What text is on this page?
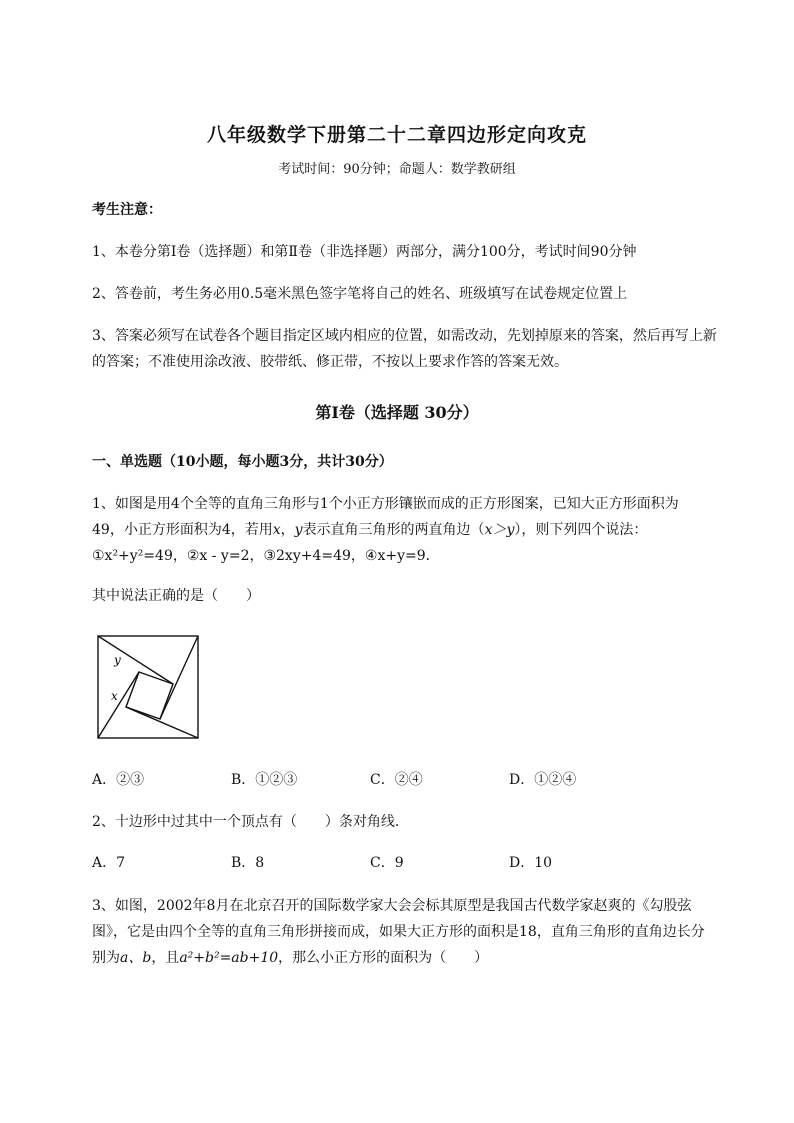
八年级数学下册第二十二章四边形定向攻克
考试时间：90分钟；命题人：数学教研组
考生注意：
1、本卷分第Ⅰ卷（选择题）和第Ⅱ卷（非选择题）两部分，满分100分，考试时间90分钟
2、答卷前，考生务必用0.5毫米黑色签字笔将自己的姓名、班级填写在试卷规定位置上
3、答案必须写在试卷各个题目指定区域内相应的位置，如需改动，先划掉原来的答案，然后再写上新
的答案；不准使用涂改液、胶带纸、修正带，不按以上要求作答的答案无效。
第Ⅰ卷（选择题 30分）
一、单选题（10小题，每小题3分，共计30分）
1、如图是用4个全等的直角三角形与1个小正方形镶嵌而成的正方形图案，已知大正方形面积为
49，小正方形面积为4，若用x，y表示直角三角形的两直角边（x＞y），则下列四个说法：
①x²+y²=49，②x - y=2，③2xy+4=49，④x+y=9．
其中说法正确的是（　　）
y
x
A．②③	B．①②③	C．②④	D．①②④
2、十边形中过其中一个顶点有（　　）条对角线．
A．7	B．8	C．9	D．10
3、如图，2002年8月在北京召开的国际数学家大会会标其原型是我国古代数学家赵爽的《勾股弦
图》，它是由四个全等的直角三角形拼接而成，如果大正方形的面积是18，直角三角形的直角边长分
别为a、b，且a²+b²=ab+10，那么小正方形的面积为（　　）
